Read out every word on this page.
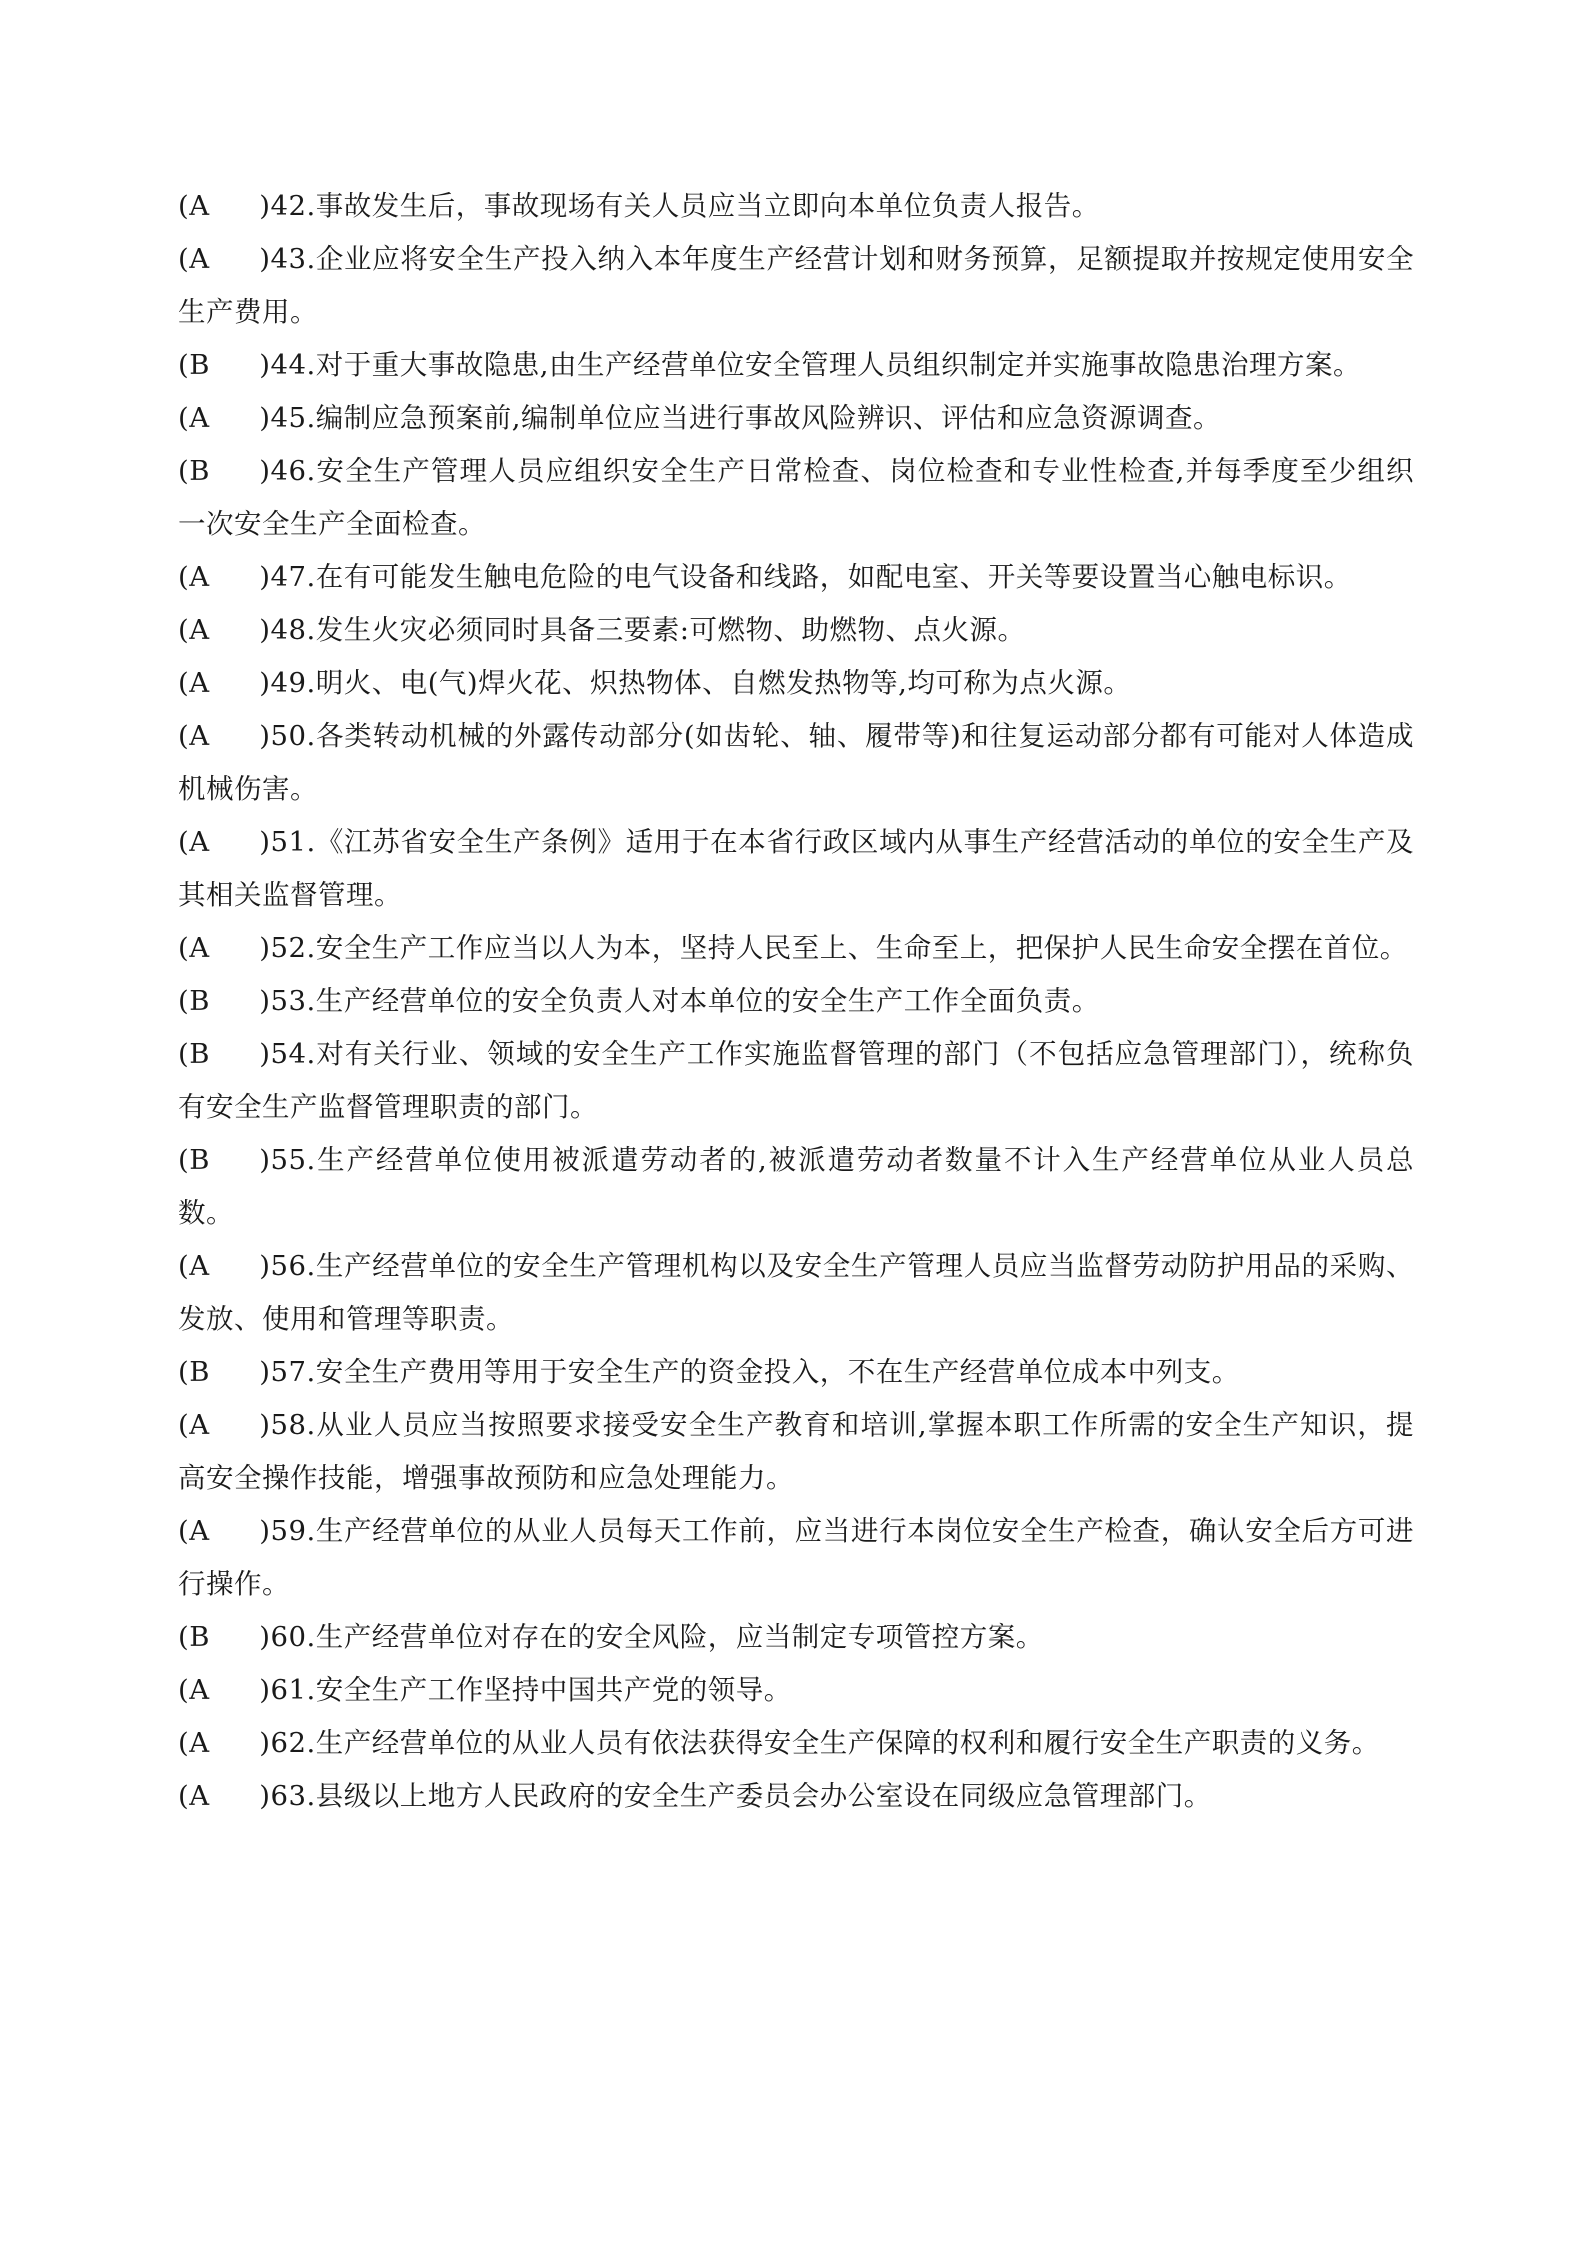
(A )42.事故发生后，事故现场有关人员应当立即向本单位负责人报告。
(A )43.企业应将安全生产投入纳入本年度生产经营计划和财务预算，足额提取并按规定使用安全生产费用。
(B )44.对于重大事故隐患,由生产经营单位安全管理人员组织制定并实施事故隐患治理方案。
(A )45.编制应急预案前,编制单位应当进行事故风险辨识、评估和应急资源调查。
(B )46.安全生产管理人员应组织安全生产日常检查、岗位检查和专业性检查,并每季度至少组织一次安全生产全面检查。
(A )47.在有可能发生触电危险的电气设备和线路，如配电室、开关等要设置当心触电标识。
(A )48.发生火灾必须同时具备三要素:可燃物、助燃物、点火源。
(A )49.明火、电(气)焊火花、炽热物体、自燃发热物等,均可称为点火源。
(A )50.各类转动机械的外露传动部分(如齿轮、轴、履带等)和往复运动部分都有可能对人体造成机械伤害。
(A )51.《江苏省安全生产条例》适用于在本省行政区域内从事生产经营活动的单位的安全生产及其相关监督管理。
(A )52.安全生产工作应当以人为本，坚持人民至上、生命至上，把保护人民生命安全摆在首位。
(B )53.生产经营单位的安全负责人对本单位的安全生产工作全面负责。
(B )54.对有关行业、领域的安全生产工作实施监督管理的部门（不包括应急管理部门），统称负有安全生产监督管理职责的部门。
(B )55.生产经营单位使用被派遣劳动者的,被派遣劳动者数量不计入生产经营单位从业人员总数。
(A )56.生产经营单位的安全生产管理机构以及安全生产管理人员应当监督劳动防护用品的采购、发放、使用和管理等职责。
(B )57.安全生产费用等用于安全生产的资金投入，不在生产经营单位成本中列支。
(A )58.从业人员应当按照要求接受安全生产教育和培训,掌握本职工作所需的安全生产知识，提高安全操作技能，增强事故预防和应急处理能力。
(A )59.生产经营单位的从业人员每天工作前，应当进行本岗位安全生产检查，确认安全后方可进行操作。
(B )60.生产经营单位对存在的安全风险，应当制定专项管控方案。
(A )61.安全生产工作坚持中国共产党的领导。
(A )62.生产经营单位的从业人员有依法获得安全生产保障的权利和履行安全生产职责的义务。
(A )63.县级以上地方人民政府的安全生产委员会办公室设在同级应急管理部门。
